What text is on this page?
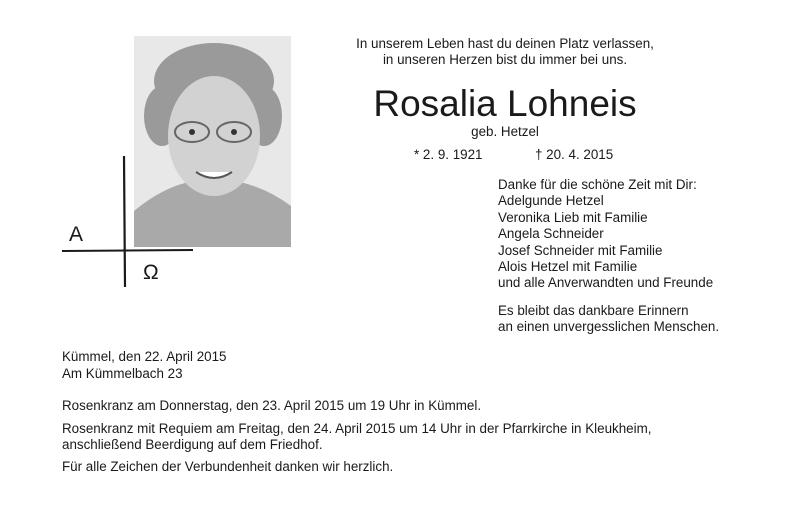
A
Ω
In unserem Leben hast du deinen Platz verlassen,
in unseren Herzen bist du immer bei uns.
Rosalia Lohneis
geb. Hetzel
* 2. 9. 1921	† 20. 4. 2015
Danke für die schöne Zeit mit Dir:
Adelgunde Hetzel
Veronika Lieb mit Familie
Angela Schneider
Josef Schneider mit Familie
Alois Hetzel mit Familie
und alle Anverwandten und Freunde
Es bleibt das dankbare Erinnern
an einen unvergesslichen Menschen.
Kümmel, den 22. April 2015
Am Kümmelbach 23
Rosenkranz am Donnerstag, den 23. April 2015 um 19 Uhr in Kümmel.
Rosenkranz mit Requiem am Freitag, den 24. April 2015 um 14 Uhr in der Pfarrkirche in Kleukheim,
anschließend Beerdigung auf dem Friedhof.
Für alle Zeichen der Verbundenheit danken wir herzlich.
